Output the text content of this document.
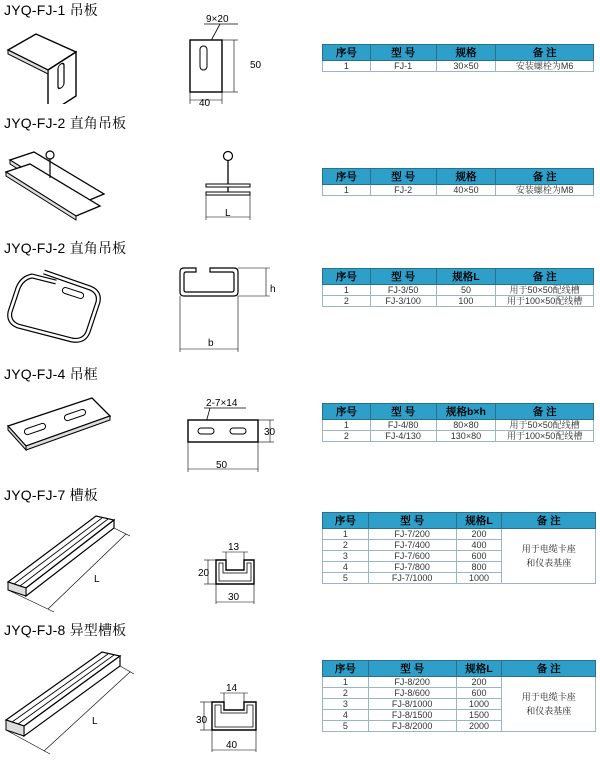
JYQ-FJ-1 吊板
9×20
50
40
序号	型 号	规格	备 注
1	FJ-1	30×50	安装螺栓为M6
JYQ-FJ-2 直角吊板
L
序号	型 号	规格	备 注
1	FJ-2	40×50	安装螺栓为M8
JYQ-FJ-2 直角吊板
h
b
序号	型 号	规格L	备 注
1	FJ-3/50	50	用于50×50配线槽
2	FJ-3/100	100	用于100×50配线槽
JYQ-FJ-4 吊框
2-7×14
30
50
序号	型 号	规格b×h	备 注
1	FJ-4/80	80×80	用于50×50配线槽
2	FJ-4/130	130×80	用于100×50配线槽
JYQ-FJ-7 槽板
L
13
20
30
序号	型 号	规格L	备 注
1	FJ-7/200	200	用于电缆卡座
和仪表基座

2	FJ-7/400	400	
3	FJ-7/600	600	
4	FJ-7/800	800	
5	FJ-7/1000	1000	
JYQ-FJ-8 异型槽板
L
14
30
40
序号	型 号	规格L	备 注
1	FJ-8/200	200	用于电缆卡座
和仪表基座

2	FJ-8/600	600	
3	FJ-8/1000	1000	
4	FJ-8/1500	1500	
5	FJ-8/2000	2000	
